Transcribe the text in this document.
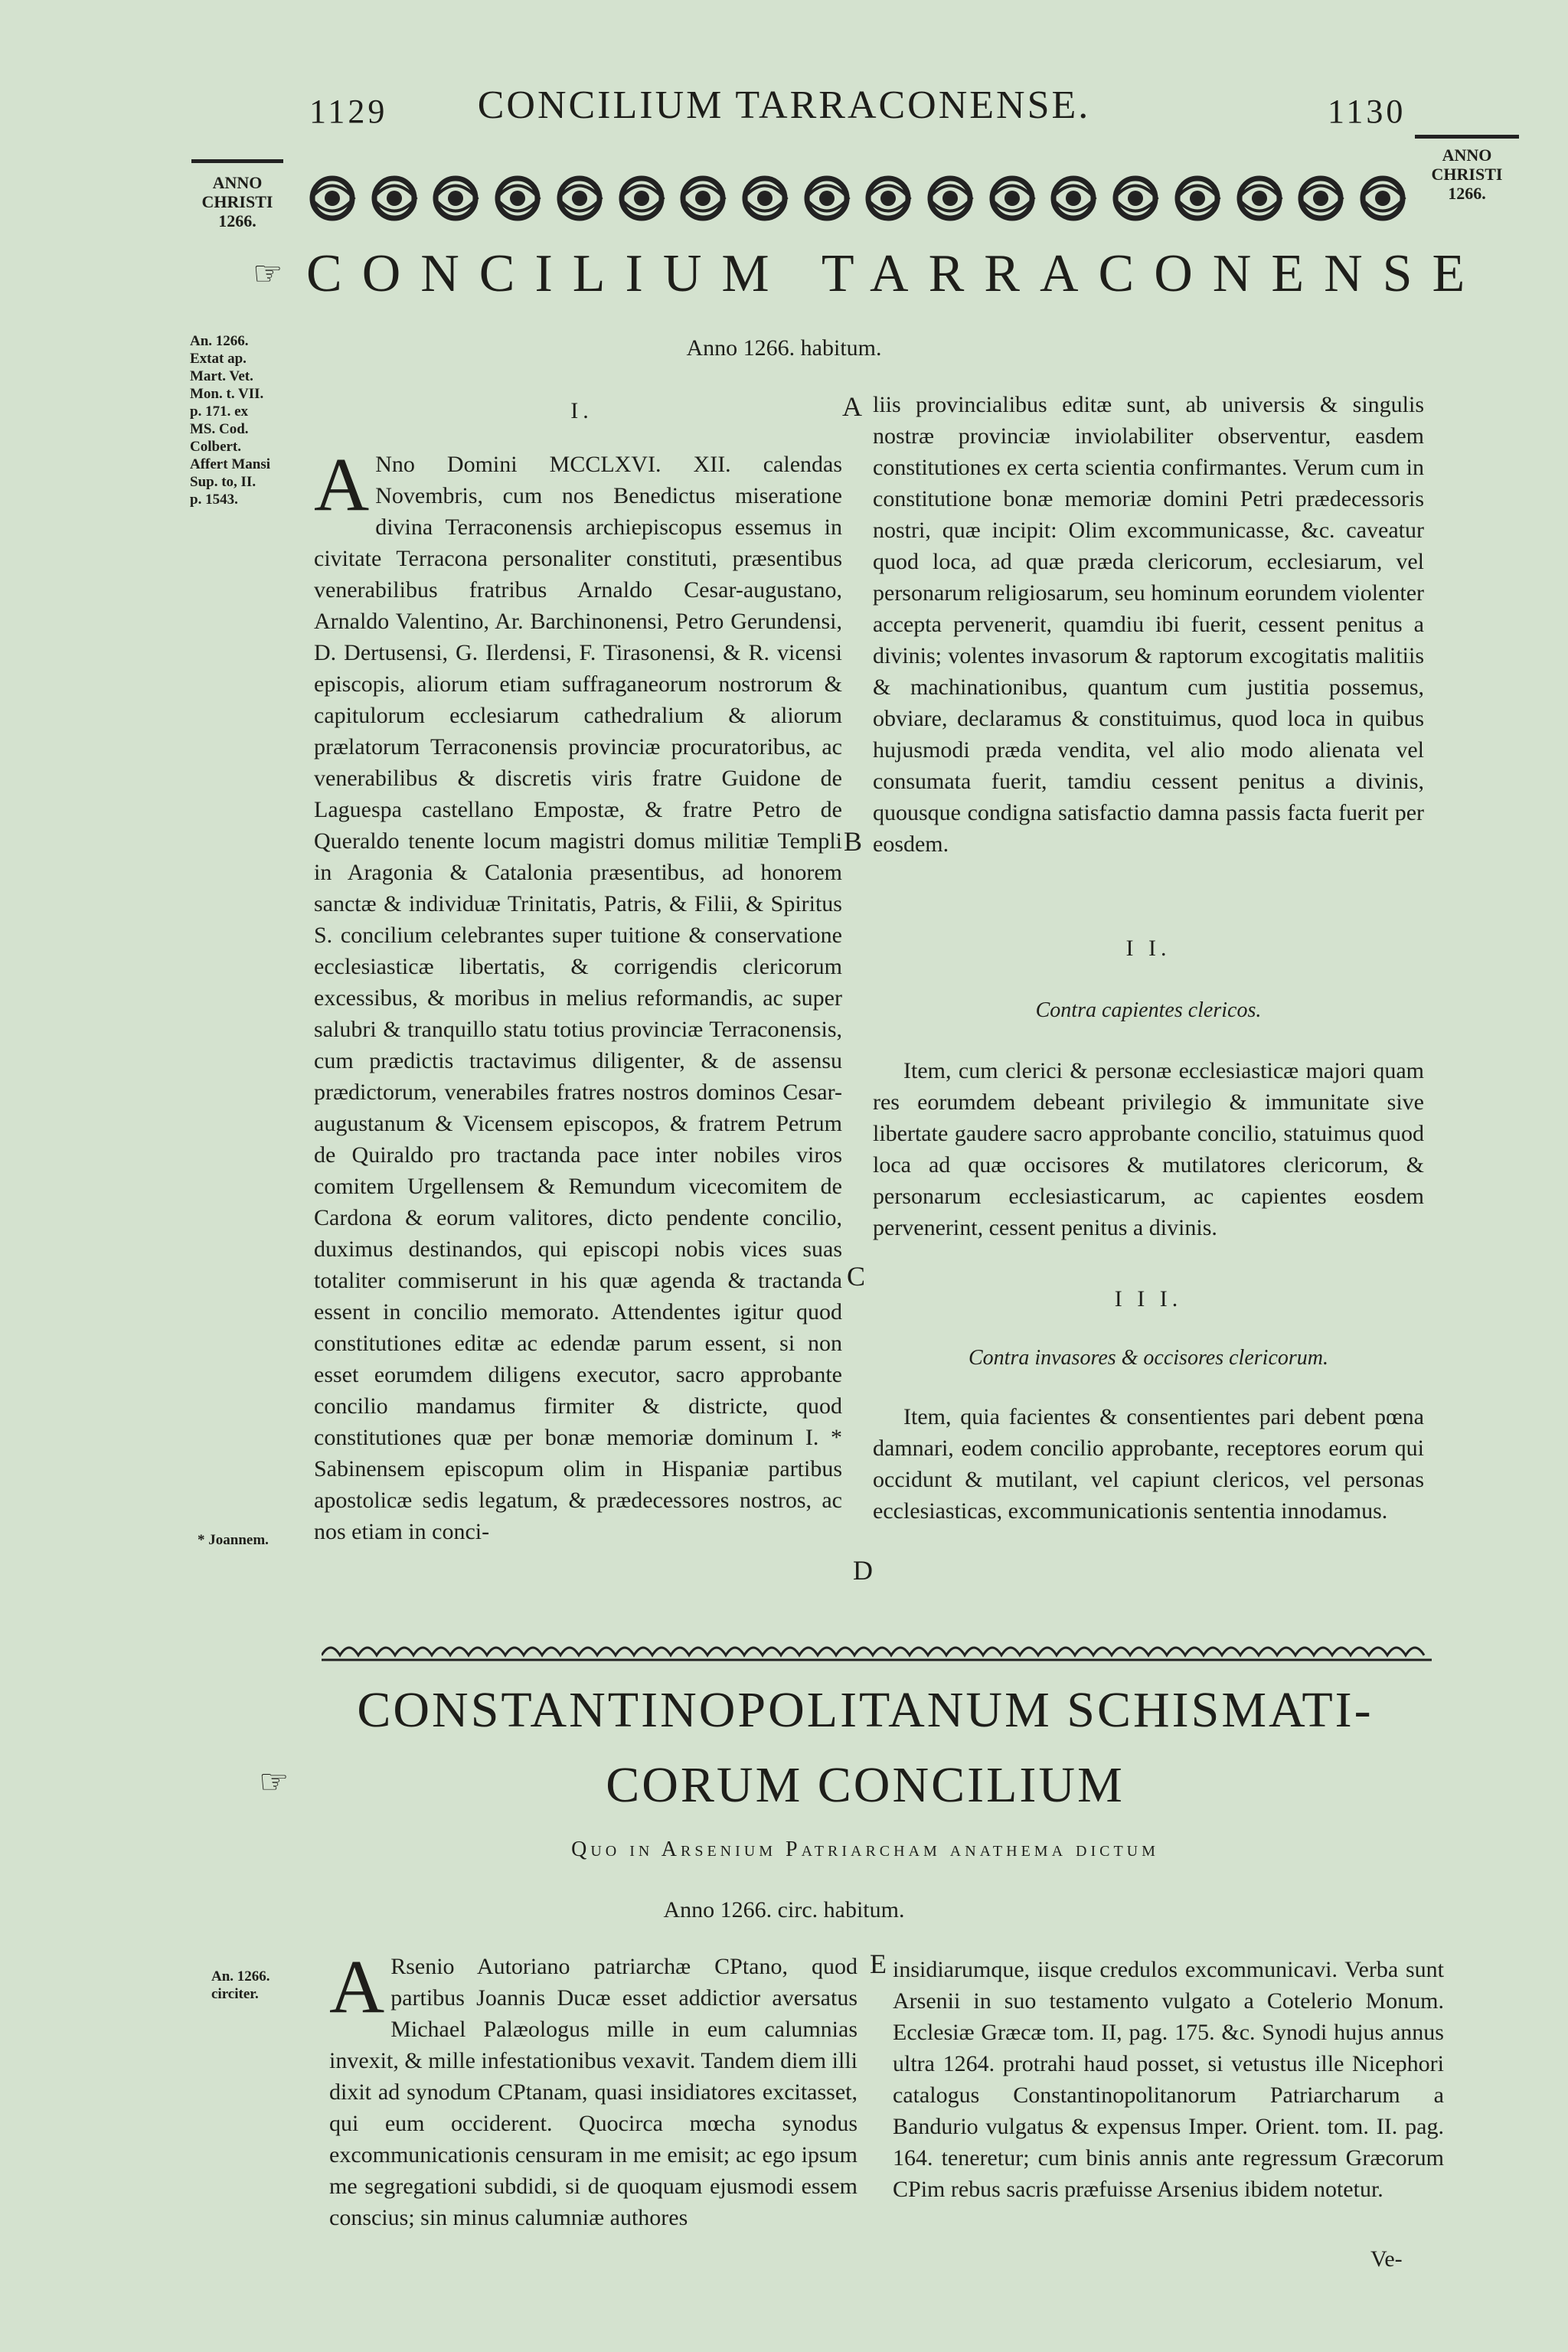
1129	CONCILIUM TARRACONENSE.	1130
ANNO
CHRISTI
1266.
ANNO
CHRISTI
1266.
☞ CONCILIUM TARRACONENSE
Anno 1266. habitum.
An. 1266.
Extat ap.
Mart. Vet.
Mon. t. VII.
p. 171. ex
MS. Cod.
Colbert.
Affert Mansi
Sup. to, II.
p. 1543.
* Joannem.
I.
A Nno Domini MCCLXVI. XII. calendas Novembris, cum nos Benedictus miseratione divina Terraconensis archiepiscopus essemus in civitate Terracona personaliter constituti, præsentibus venerabilibus fratribus Arnaldo Cesar-augustano, Arnaldo Valentino, Ar. Barchinonensi, Petro Gerundensi, D. Dertusensi, G. Ilerdensi, F. Tirasonensi, & R. vicensi episcopis, aliorum etiam suffraganeorum nostrorum & capitulorum ecclesiarum cathedralium & aliorum prælatorum Terraconensis provinciæ procuratoribus, ac venerabilibus & discretis viris fratre Guidone de Laguespa castellano Empostæ, & fratre Petro de Queraldo tenente locum magistri domus militiæ Templi in Aragonia & Catalonia præsentibus, ad honorem sanctæ & individuæ Trinitatis, Patris, & Filii, & Spiritus S. concilium celebrantes super tuitione & conservatione ecclesiasticæ libertatis, & corrigendis clericorum excessibus, & moribus in melius reformandis, ac super salubri & tranquillo statu totius provinciæ Terraconensis, cum prædictis tractavimus diligenter, & de assensu prædictorum, venerabiles fratres nostros dominos Cesar-augustanum & Vicensem episcopos, & fratrem Petrum de Quiraldo pro tractanda pace inter nobiles viros comitem Urgellensem & Remundum vicecomitem de Cardona & eorum valitores, dicto pendente concilio, duximus destinandos, qui episcopi nobis vices suas totaliter commiserunt in his quæ agenda & tractanda essent in concilio memorato. Attendentes igitur quod constitutiones editæ ac edendæ parum essent, si non esset eorumdem diligens executor, sacro approbante concilio mandamus firmiter & districte, quod constitutiones quæ per bonæ memoriæ dominum I. * Sabinensem episcopum olim in Hispaniæ partibus apostolicæ sedis legatum, & prædecessores nostros, ac nos etiam in conci-

A
B
C
D

liis provincialibus editæ sunt, ab universis & singulis nostræ provinciæ inviolabiliter observentur, easdem constitutiones ex certa scientia confirmantes. Verum cum in constitutione bonæ memoriæ domini Petri prædecessoris nostri, quæ incipit: Olim excommunicasse, &c. caveatur quod loca, ad quæ præda clericorum, ecclesiarum, vel personarum religiosarum, seu hominum eorundem violenter accepta pervenerit, quamdiu ibi fuerit, cessent penitus a divinis; volentes invasorum & raptorum excogitatis malitiis & machinationibus, quantum cum justitia possemus, obviare, declaramus & constituimus, quod loca in quibus hujusmodi præda vendita, vel alio modo alienata vel consumata fuerit, tamdiu cessent penitus a divinis, quousque condigna satisfactio damna passis facta fuerit per eosdem.

I I.
Contra capientes clericos.

Item, cum clerici & personæ ecclesiasticæ majori quam res eorumdem debeant privilegio & immunitate sive libertate gaudere sacro approbante concilio, statuimus quod loca ad quæ occisores & mutilatores clericorum, & personarum ecclesiasticarum, ac capientes eosdem pervenerint, cessent penitus a divinis.

I I I.
Contra invasores & occisores clericorum.

Item, quia facientes & consentientes pari debent pœna damnari, eodem concilio approbante, receptores eorum qui occidunt & mutilant, vel capiunt clericos, vel personas ecclesiasticas, excommunicationis sententia innodamus.

CONSTANTINOPOLITANUM SCHISMATI-
☞	CORUM CONCILIUM
Quo in Arsenium Patriarcham anathema dictum
Anno 1266. circ. habitum.
An. 1266.
circiter. A Rsenio Autoriano patriarchæ CPtano, quod partibus Joannis Ducæ esset addictior aversatus Michael Palæologus mille in eum calumnias invexit, & mille infestationibus vexavit. Tandem diem illi dixit ad synodum CPtanam, quasi insidiatores excitasset, qui eum occiderent. Quocirca mœcha synodus excommunicationis censuram in me emisit; ac ego ipsum me segregationi subdidi, si de quoquam ejusmodi essem conscius; sin minus calumniæ authores

E insidiarumque, iisque credulos excommunicavi. Verba sunt Arsenii in suo testamento vulgato a Cotelerio Monum. Ecclesiæ Græcæ tom. II, pag. 175. &c. Synodi hujus annus ultra 1264. protrahi haud posset, si vetustus ille Nicephori catalogus Constantinopolitanorum Patriarcharum a Bandurio vulgatus & expensus Imper. Orient. tom. II. pag. 164. teneretur; cum binis annis ante regressum Græcorum CPim rebus sacris præfuisse Arsenius ibidem notetur.

Ve-
